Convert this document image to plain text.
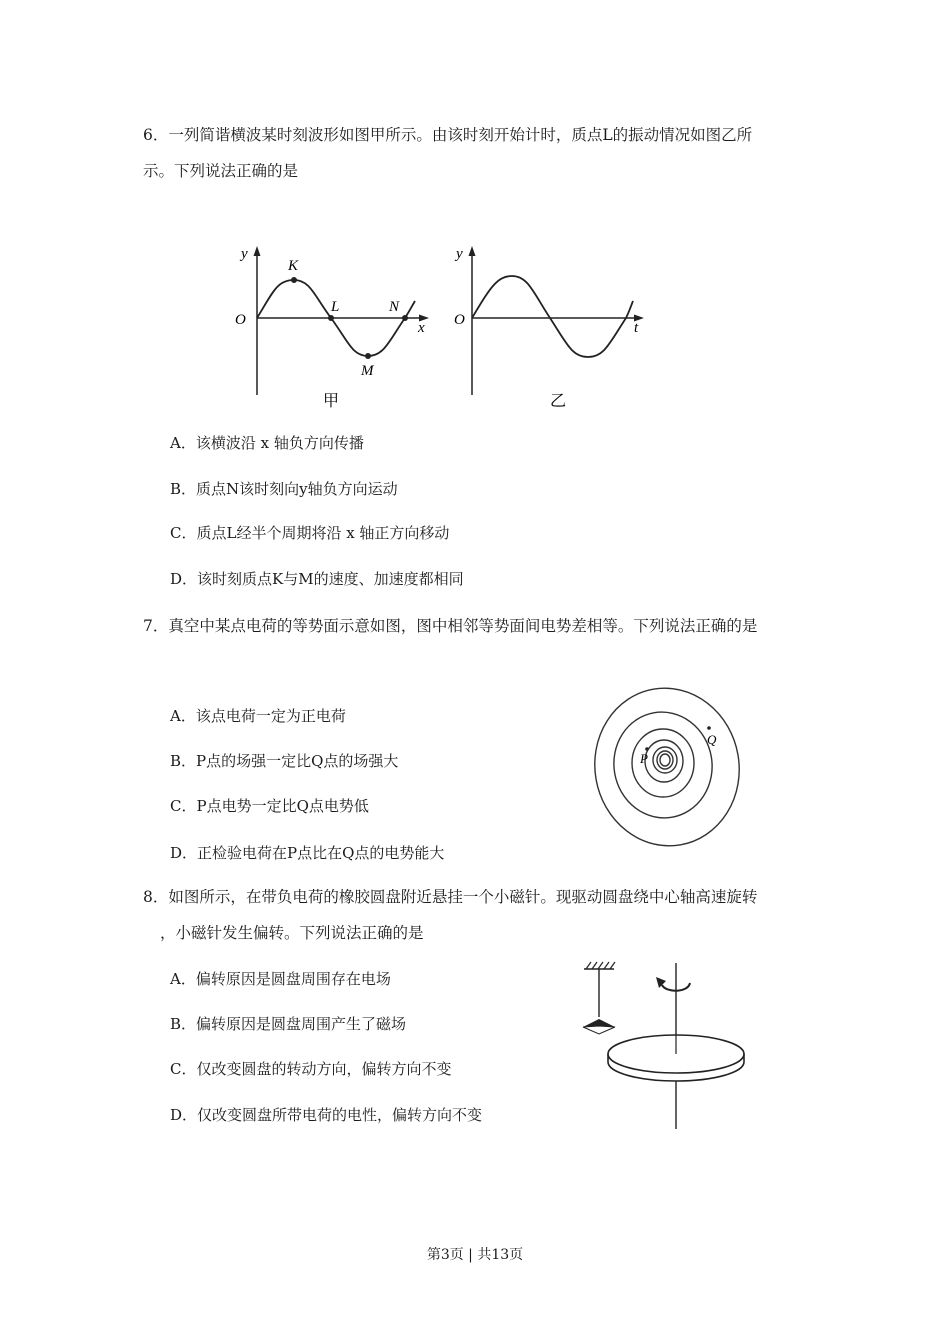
6．一列简谐横波某时刻波形如图甲所示。由该时刻开始计时，质点L的振动情况如图乙所
示。下列说法正确的是
y
O	x
K
L
M
N
甲
y
O	t
乙
A．该横波沿 x 轴负方向传播
B．质点N该时刻向y轴负方向运动
C．质点L经半个周期将沿 x 轴正方向移动
D．该时刻质点K与M的速度、加速度都相同
7．真空中某点电荷的等势面示意如图，图中相邻等势面间电势差相等。下列说法正确的是
A．该点电荷一定为正电荷
B．P点的场强一定比Q点的场强大
C．P点电势一定比Q点电势低
D．正检验电荷在P点比在Q点的电势能大
P
Q
8．如图所示，在带负电荷的橡胶圆盘附近悬挂一个小磁针。现驱动圆盘绕中心轴高速旋转
，小磁针发生偏转。下列说法正确的是
A．偏转原因是圆盘周围存在电场
B．偏转原因是圆盘周围产生了磁场
C．仅改变圆盘的转动方向，偏转方向不变
D．仅改变圆盘所带电荷的电性，偏转方向不变
第3页 | 共13页
